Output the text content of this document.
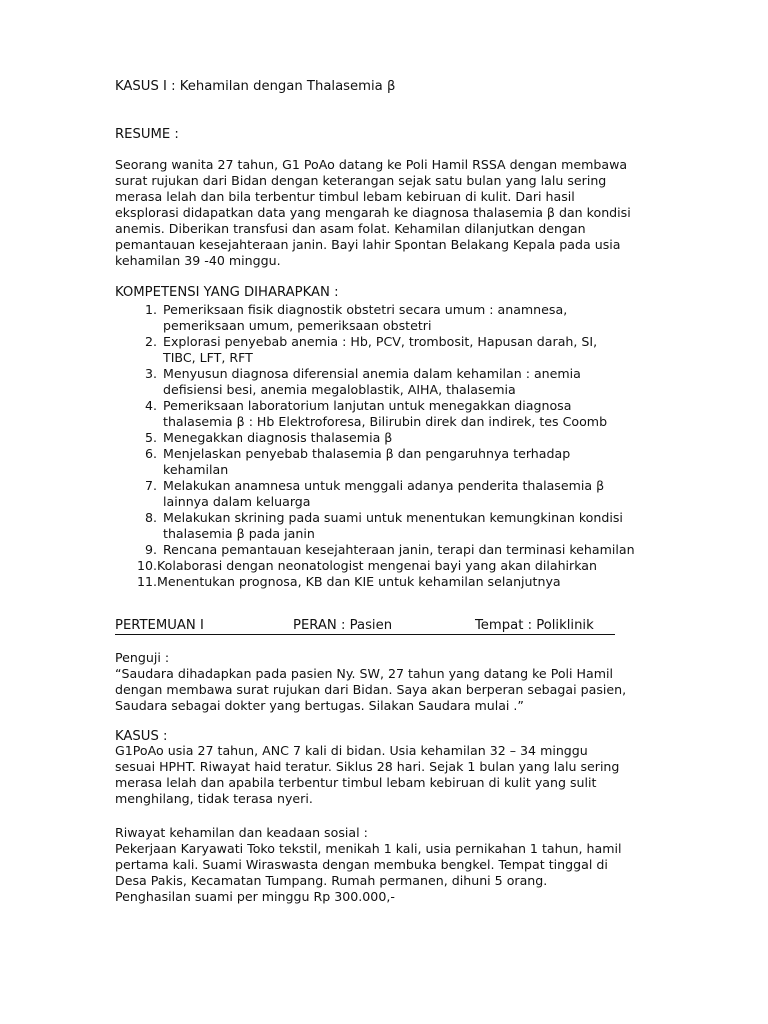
KASUS I : Kehamilan dengan Thalasemia β
RESUME :
Seorang wanita 27 tahun, G1 PoAo datang ke Poli Hamil RSSA dengan membawa
surat rujukan dari Bidan dengan keterangan sejak satu bulan yang lalu sering
merasa lelah dan bila terbentur timbul lebam kebiruan di kulit. Dari hasil
eksplorasi didapatkan data yang mengarah ke diagnosa thalasemia β dan kondisi
anemis. Diberikan transfusi dan asam folat. Kehamilan dilanjutkan dengan
pemantauan kesejahteraan janin. Bayi lahir Spontan Belakang Kepala pada usia
kehamilan 39 -40 minggu.
KOMPETENSI YANG DIHARAPKAN :
1. Pemeriksaan fisik diagnostik obstetri secara umum : anamnesa,
pemeriksaan umum, pemeriksaan obstetri
2. Explorasi penyebab anemia : Hb, PCV, trombosit, Hapusan darah, SI,
TIBC, LFT, RFT
3. Menyusun diagnosa diferensial anemia dalam kehamilan : anemia
defisiensi besi, anemia megaloblastik, AIHA, thalasemia
4. Pemeriksaan laboratorium lanjutan untuk menegakkan diagnosa
thalasemia β : Hb Elektroforesa, Bilirubin direk dan indirek, tes Coomb
5. Menegakkan diagnosis thalasemia β
6. Menjelaskan penyebab thalasemia β dan pengaruhnya terhadap
kehamilan
7. Melakukan anamnesa untuk menggali adanya penderita thalasemia β
lainnya dalam keluarga
8. Melakukan skrining pada suami untuk menentukan kemungkinan kondisi
thalasemia β pada janin
9. Rencana pemantauan kesejahteraan janin, terapi dan terminasi kehamilan
10. Kolaborasi dengan neonatologist mengenai bayi yang akan dilahirkan
11. Menentukan prognosa, KB dan KIE untuk kehamilan selanjutnya
PERTEMUAN I	PERAN : Pasien	Tempat : Poliklinik
Penguji :
“Saudara dihadapkan pada pasien Ny. SW, 27 tahun yang datang ke Poli Hamil
dengan membawa surat rujukan dari Bidan. Saya akan berperan sebagai pasien,
Saudara sebagai dokter yang bertugas. Silakan Saudara mulai .”
KASUS :
G1PoAo usia 27 tahun, ANC 7 kali di bidan. Usia kehamilan 32 – 34 minggu
sesuai HPHT. Riwayat haid teratur. Siklus 28 hari. Sejak 1 bulan yang lalu sering
merasa lelah dan apabila terbentur timbul lebam kebiruan di kulit yang sulit
menghilang, tidak terasa nyeri.
Riwayat kehamilan dan keadaan sosial :
Pekerjaan Karyawati Toko tekstil, menikah 1 kali, usia pernikahan 1 tahun, hamil
pertama kali. Suami Wiraswasta dengan membuka bengkel. Tempat tinggal di
Desa Pakis, Kecamatan Tumpang. Rumah permanen, dihuni 5 orang.
Penghasilan suami per minggu Rp 300.000,-
